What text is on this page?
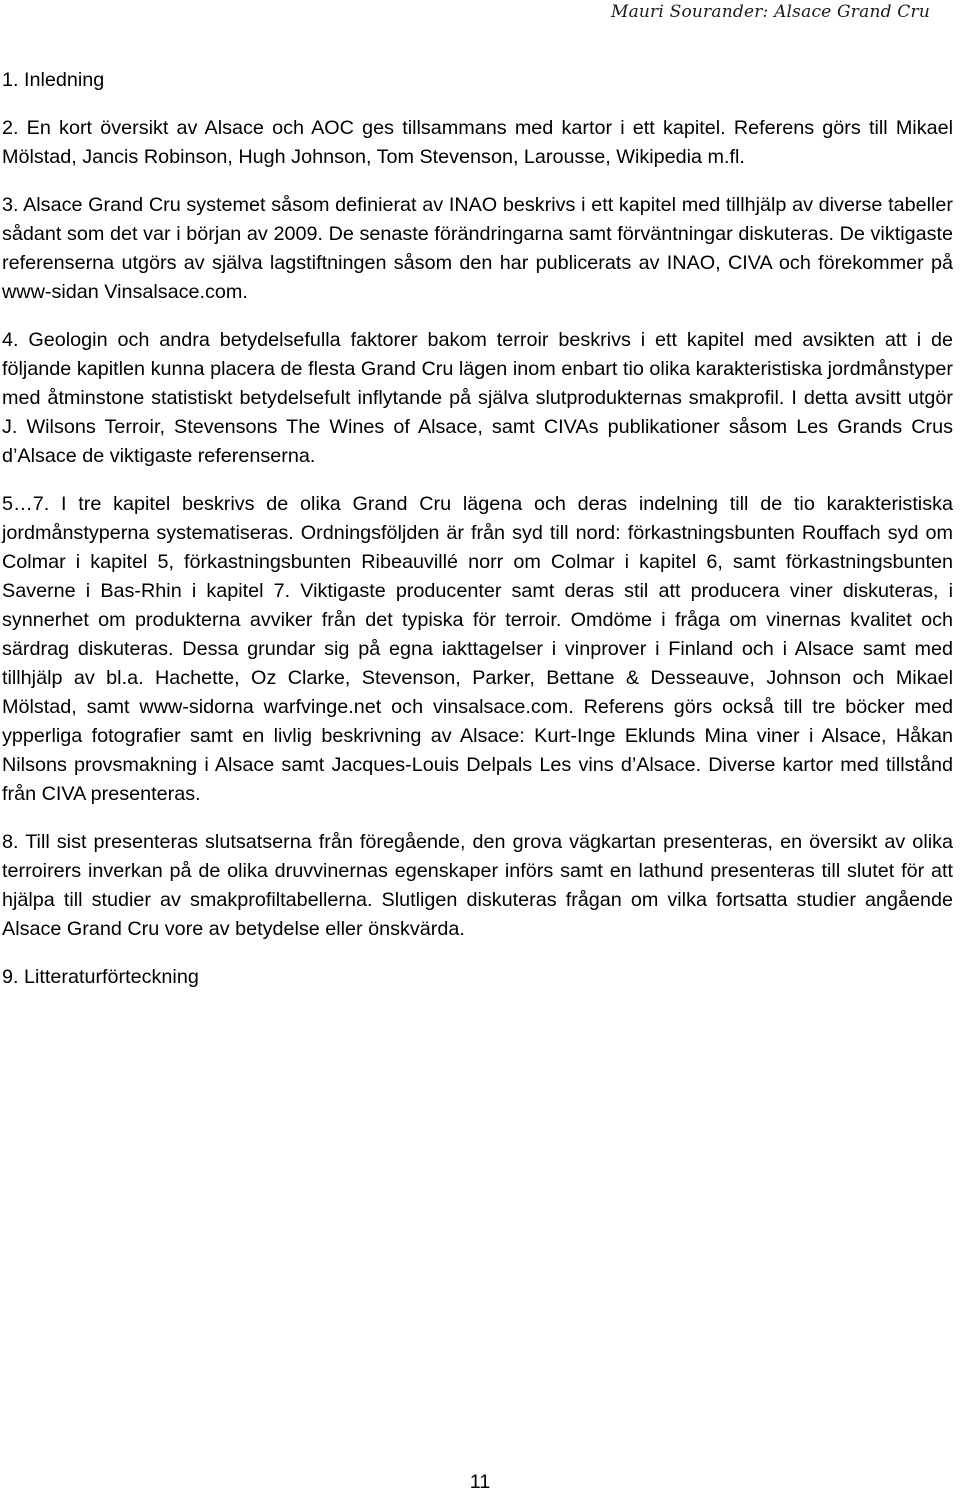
Mauri Sourander: Alsace Grand Cru

1. Inledning

2. En kort översikt av Alsace och AOC ges tillsammans med kartor i ett kapitel. Referens görs till Mikael Mölstad, Jancis Robinson, Hugh Johnson, Tom Stevenson, Larousse, Wikipedia m.fl.

3. Alsace Grand Cru systemet såsom definierat av INAO beskrivs i ett kapitel med tillhjälp av diverse tabeller sådant som det var i början av 2009. De senaste förändringarna samt förväntningar diskuteras. De viktigaste referenserna utgörs av själva lagstiftningen såsom den har publicerats av INAO, CIVA och förekommer på www-sidan Vinsalsace.com.

4. Geologin och andra betydelsefulla faktorer bakom terroir beskrivs i ett kapitel med avsikten att i de följande kapitlen kunna placera de flesta Grand Cru lägen inom enbart tio olika karakteristiska jordmånstyper med åtminstone statistiskt betydelsefult inflytande på själva slutprodukternas smakprofil. I detta avsitt utgör J. Wilsons Terroir, Stevensons The Wines of Alsace, samt CIVAs publikationer såsom Les Grands Crus d’Alsace de viktigaste referenserna.

5…7. I tre kapitel beskrivs de olika Grand Cru lägena och deras indelning till de tio karakteristiska jordmånstyperna systematiseras. Ordningsföljden är från syd till nord: förkastningsbunten Rouffach syd om Colmar i kapitel 5, förkastningsbunten Ribeauvillé norr om Colmar i kapitel 6, samt förkastningsbunten Saverne i Bas-Rhin i kapitel 7. Viktigaste producenter samt deras stil att producera viner diskuteras, i synnerhet om produkterna avviker från det typiska för terroir. Omdöme i fråga om vinernas kvalitet och särdrag diskuteras. Dessa grundar sig på egna iakttagelser i vinprover i Finland och i Alsace samt med tillhjälp av bl.a. Hachette, Oz Clarke, Stevenson, Parker, Bettane & Desseauve, Johnson och Mikael Mölstad, samt www-sidorna warfvinge.net och vinsalsace.com. Referens görs också till tre böcker med ypperliga fotografier samt en livlig beskrivning av Alsace: Kurt-Inge Eklunds Mina viner i Alsace, Håkan Nilsons provsmakning i Alsace samt Jacques-Louis Delpals Les vins d’Alsace. Diverse kartor med tillstånd från CIVA presenteras.

8. Till sist presenteras slutsatserna från föregående, den grova vägkartan presenteras, en översikt av olika terroirers inverkan på de olika druvvinernas egenskaper införs samt en lathund presenteras till slutet för att hjälpa till studier av smakprofiltabellerna. Slutligen diskuteras frågan om vilka fortsatta studier angående Alsace Grand Cru vore av betydelse eller önskvärda.

9. Litteraturförteckning

11
